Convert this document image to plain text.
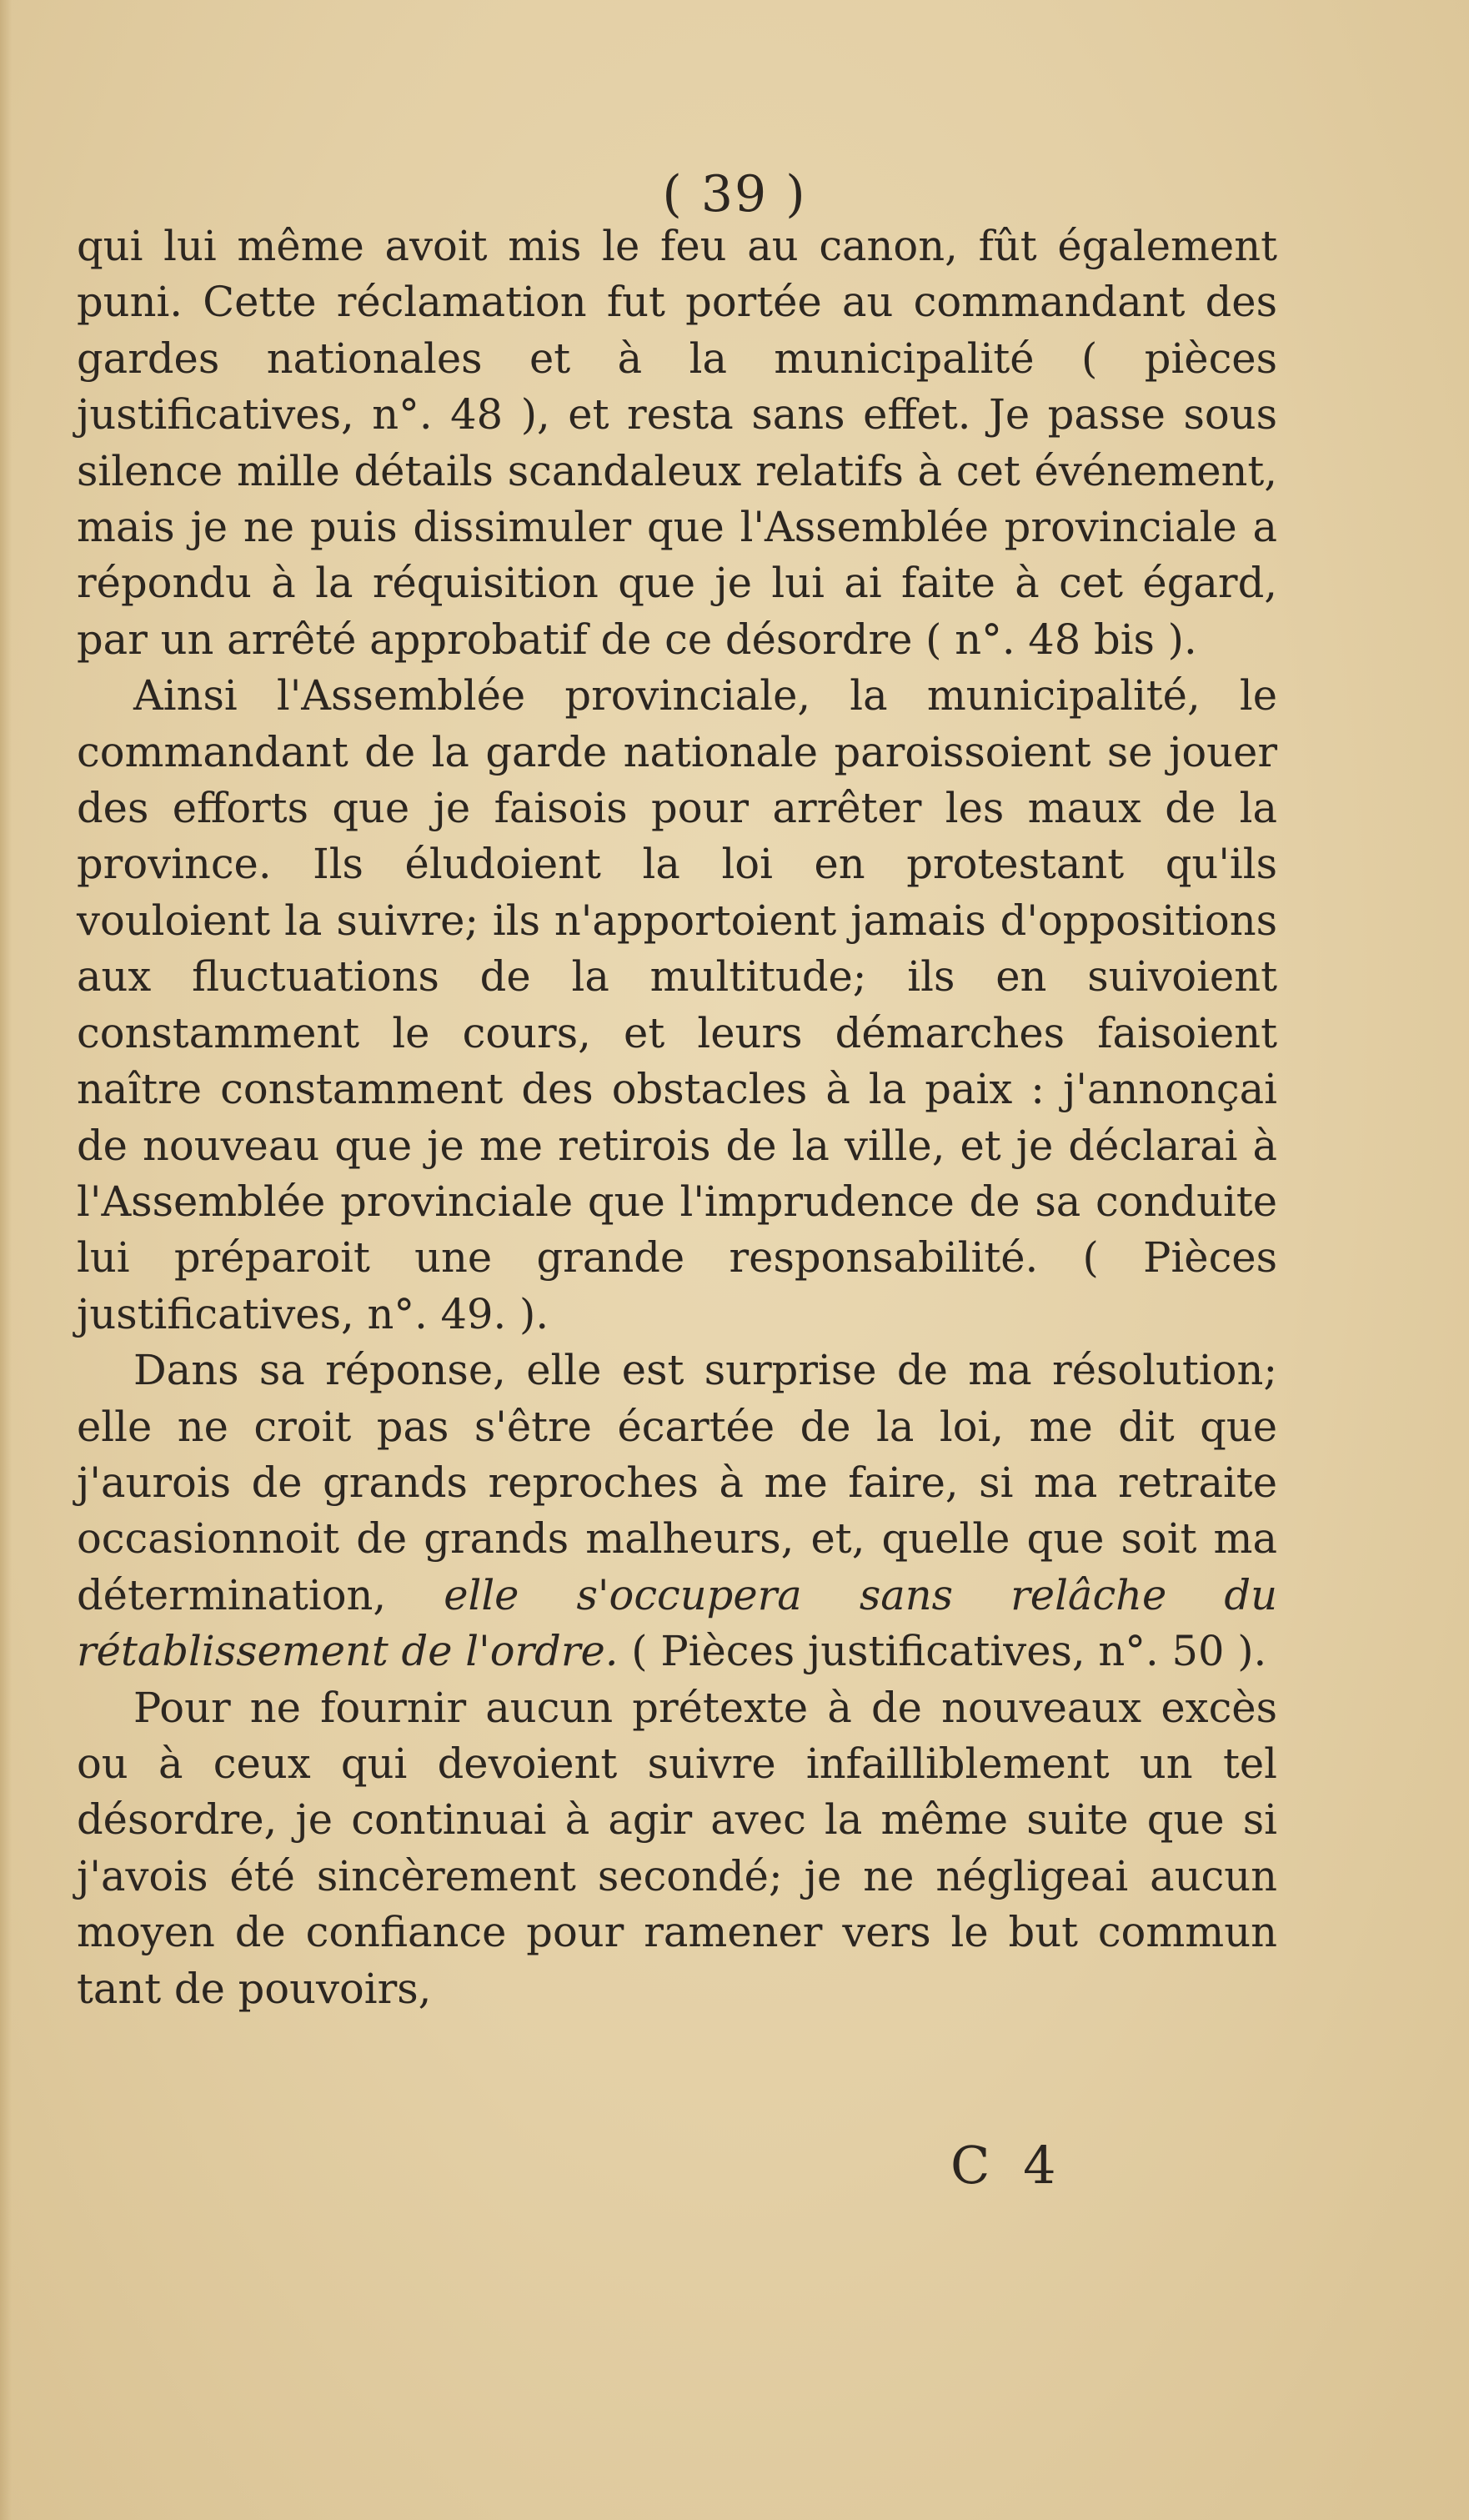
( 39 )

qui lui même avoit mis le feu au canon, fût également puni. Cette réclamation fut portée au commandant des gardes nationales et à la municipalité ( pièces justificatives, n°. 48 ), et resta sans effet. Je passe sous silence mille détails scandaleux relatifs à cet événement, mais je ne puis dissimuler que l'Assemblée provinciale a répondu à la réquisition que je lui ai faite à cet égard, par un arrêté approbatif de ce désordre ( n°. 48 bis ).

Ainsi l'Assemblée provinciale, la municipalité, le commandant de la garde nationale paroissoient se jouer des efforts que je faisois pour arrêter les maux de la province. Ils éludoient la loi en protestant qu'ils vouloient la suivre; ils n'apportoient jamais d'oppositions aux fluctuations de la multitude; ils en suivoient constamment le cours, et leurs démarches faisoient naître constamment des obstacles à la paix : j'annonçai de nouveau que je me retirois de la ville, et je déclarai à l'Assemblée provinciale que l'imprudence de sa conduite lui préparoit une grande responsabilité. ( Pièces justificatives, n°. 49. ).

Dans sa réponse, elle est surprise de ma résolution; elle ne croit pas s'être écartée de la loi, me dit que j'aurois de grands reproches à me faire, si ma retraite occasionnoit de grands malheurs, et, quelle que soit ma détermination, elle s'occupera sans relâche du rétablissement de l'ordre. ( Pièces justificatives, n°. 50 ).

Pour ne fournir aucun prétexte à de nouveaux excès ou à ceux qui devoient suivre infailliblement un tel désordre, je continuai à agir avec la même suite que si j'avois été sincèrement secondé; je ne négligeai aucun moyen de confiance pour ramener vers le but commun tant de pouvoirs,

C 4
